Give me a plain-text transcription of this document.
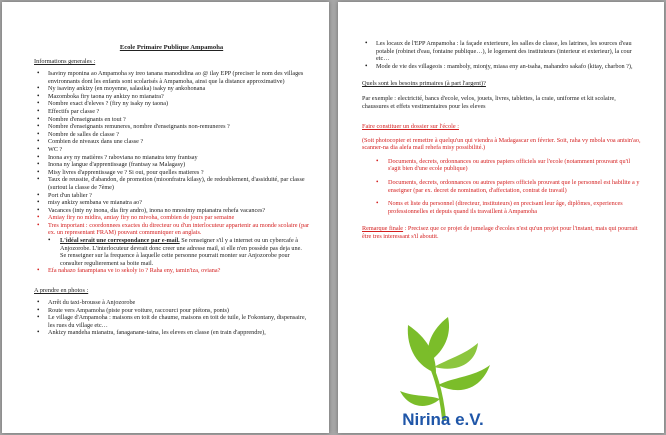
Ecole Primaire Publique Ampamoha

Informations generales :

• Isaviny mponina ao Ampamoha sy ireo tanana manodidina ao @ ilay EPP (preciser le nom des villages environnants dont les enfants sont scolarisés à Ampamoha, ainsi que la distance approximative)
• Ny isaviny ankizy (en moyenne, salasika) isaky ny ankohonana
• Mazomboka firy taona ny ankizy no mianatra?
• Nombre exact d'eleves ? (firy ny isaky ny taona)
• Effectifs par classe ?
• Nombre d'enseignants en tout ?
• Nombre d'enseignants remuneres, nombre d'enseignants non-remuneres ?
• Nombre de salles de classe ?
• Combien de niveaux dans une classe ?
• WC ?
• Inona avy ny matières ? raboviana no mianatra teny frantsay
• Inona ny langue d'apprentissage (frantsay sa Malagasy)
• Misy livres d'apprentissage ve ? Si oui, pour quelles matieres ?
• Taux de reussite, d'abandon, de promotion (mioonfratra kilasy), de redoublement, d'assiduité, par classe (surtout la classe de 7ème)
• Port d'un tablier ?
• misy ankizy sembana ve mianatra ao?
• Vacances (inty ny inona, dia firy andro), inona no mnosimy mpianatra rehefa vacances?
• Amiay firy no midira, amiay firy no mivoha, combien de jours par semaine
• Tres important : coordonnees exactes du directeur ou d'un interlocuteur appartenir au monde scolaire (par ex. un representant FRAM) pouvant communiquer en anglais.
• L'idéal serait une correspondance par e-mail. Se renseigner s'il y a internet ou un cybercafe à Anjozorobe. L'interlocuteur devrait donc creer une adresse mail, si elle n'en possède pas deja une. Se renseigner sur la frequence à laquelle cette personne pourrait monter sur Anjozorobe pour consulter regulierement sa boite mail.
• Efa nahazo fanampiana ve io sekoly io ? Raha eny, tamin'iza, oviana?

A prendre en photos :

• Arrêt du taxi-brousse à Anjozorobe
• Route vers Ampamoha (piste pour voiture, raccourci pour piétons, ponts)
• Le village d'Ampamoha : maisons en toit de chaume, maisons en toit de tuile, le Fokontany, dispensaire, les rues du village etc…
• Ankizy mandeha mianatra, fanaganane-taina, les eleves en classe (en train d'apprendre),
• Les locaux de l'EPP Ampamoha : la façade exterieure, les salles de classe, les latrines, les sources d'eau potable (robinet d'eau, fontaine publique…), le logement des instituteurs (interieur et exterieur), la cour etc…
• Mode de vie des villageois : mamboly, mionjy, miasa eny an-tsaha, mahandro sakafo (kitay, charbon ?),

Quels sont les besoins primaires (à part l'argent)?

Par exemple : electricité, bancs d'ecole, velos, jouets, livres, tablettes, la craie, uniforme et kit scolaire, chaussures et effets vestimentaires pour les eleves

Faire constituer un dossier sur l'école :

(Soit photocopier et remettre à quelqu'un qui viendra à Madagascar en février. Soit, raha vy mbola voa antsin'ao, scanner-na dia alefa mail rehefa misy possibilité.)

• Documents, decrets, ordonnances ou autres papiers officiels sur l'ecole (notamment prouvant qu'il s'agit bien d'une ecole publique)
• Documents, decrets, ordonnances ou autres papiers officiels prouvant que le personnel est habilite a y enseigner (par ex. decret de nomination, d'affectation, contrat de travail)
• Noms et liste du personnel (directeur, instituteurs) en precisant leur âge, diplômes, experiences professionnelles et depuis quand ils travaillent à Ampamoha

Remarque finale : Precisez que ce projet de jumelage d'ecoles n'est qu'un projet pour l'instant, mais qui pourrait être tres interessant s'il aboutit.

Nirina e.V.
